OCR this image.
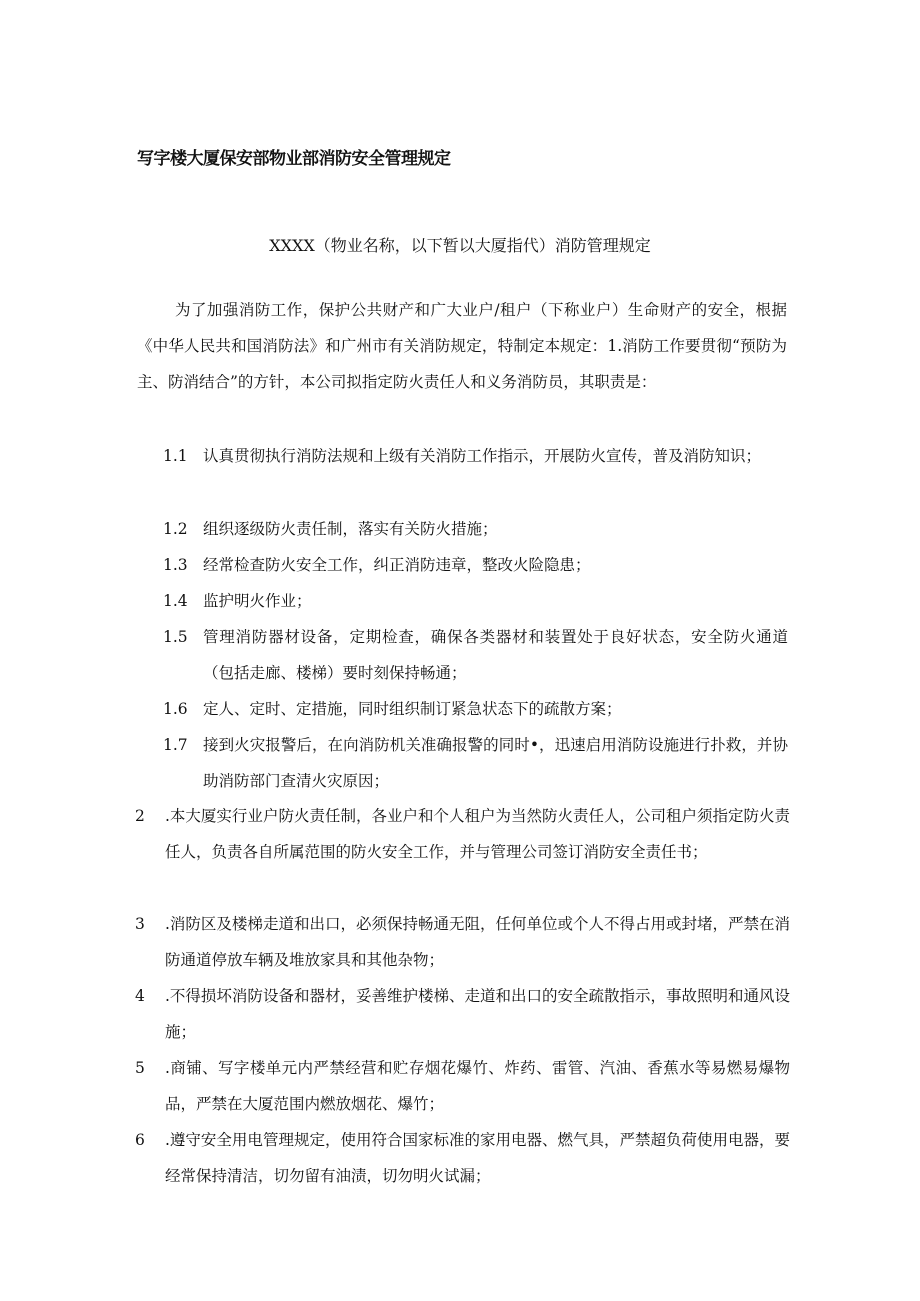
写字楼大厦保安部物业部消防安全管理规定
XXXX（物业名称，以下暂以大厦指代）消防管理规定
为了加强消防工作，保护公共财产和广大业户/租户（下称业户）生命财产的安全，根据《中华人民共和国消防法》和广州市有关消防规定，特制定本规定：1.消防工作要贯彻“预防为主、防消结合”的方针，本公司拟指定防火责任人和义务消防员，其职责是：
1.1 认真贯彻执行消防法规和上级有关消防工作指示，开展防火宣传，普及消防知识；
1.2 组织逐级防火责任制，落实有关防火措施；
1.3 经常检查防火安全工作，纠正消防违章，整改火险隐患；
1.4 监护明火作业；
1.5 管理消防器材设备，定期检查，确保各类器材和装置处于良好状态，安全防火通道（包括走廊、楼梯）要时刻保持畅通；
1.6 定人、定时、定措施，同时组织制订紧急状态下的疏散方案；
1.7 接到火灾报警后，在向消防机关准确报警的同时•，迅速启用消防设施进行扑救，并协助消防部门查清火灾原因；
2 .本大厦实行业户防火责任制，各业户和个人租户为当然防火责任人，公司租户须指定防火责任人，负责各自所属范围的防火安全工作，并与管理公司签订消防安全责任书；
3 .消防区及楼梯走道和出口，必须保持畅通无阻，任何单位或个人不得占用或封堵，严禁在消防通道停放车辆及堆放家具和其他杂物；
4 .不得损坏消防设备和器材，妥善维护楼梯、走道和出口的安全疏散指示，事故照明和通风设施；
5 .商铺、写字楼单元内严禁经营和贮存烟花爆竹、炸药、雷管、汽油、香蕉水等易燃易爆物品，严禁在大厦范围内燃放烟花、爆竹；
6 .遵守安全用电管理规定，使用符合国家标准的家用电器、燃气具，严禁超负荷使用电器，要经常保持清洁，切勿留有油渍，切勿明火试漏；
